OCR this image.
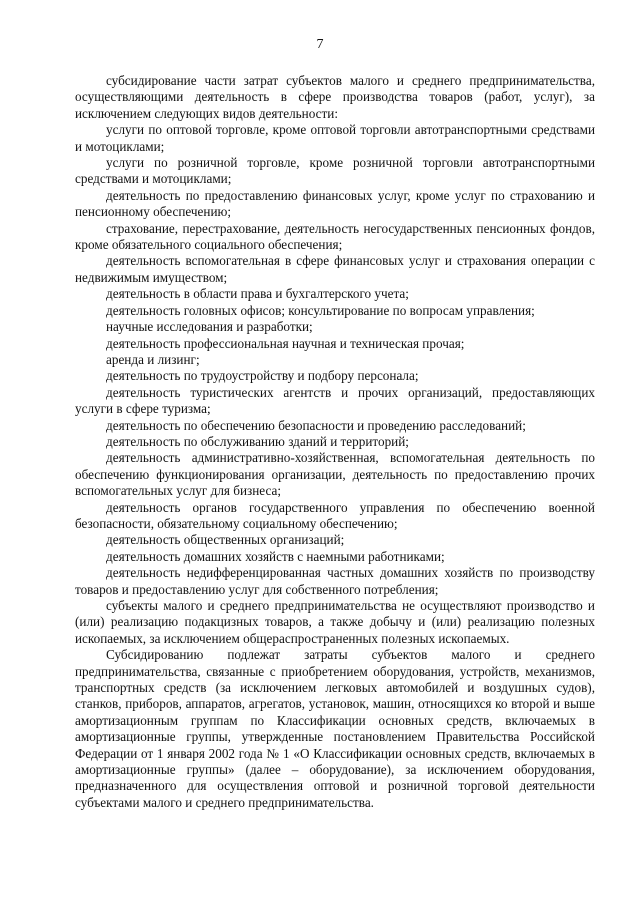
7

субсидирование части затрат субъектов малого и среднего предпринимательства, осуществляющими деятельность в сфере производства товаров (работ, услуг), за исключением следующих видов деятельности:

услуги по оптовой торговле, кроме оптовой торговли автотранспортными средствами и мотоциклами;

услуги по розничной торговле, кроме розничной торговли автотранспортными средствами и мотоциклами;

деятельность по предоставлению финансовых услуг, кроме услуг по страхованию и пенсионному обеспечению;

страхование, перестрахование, деятельность негосударственных пенсионных фондов, кроме обязательного социального обеспечения;

деятельность вспомогательная в сфере финансовых услуг и страхования операции с недвижимым имуществом;

деятельность в области права и бухгалтерского учета;

деятельность головных офисов; консультирование по вопросам управления;

научные исследования и разработки;

деятельность профессиональная научная и техническая прочая;

аренда и лизинг;

деятельность по трудоустройству и подбору персонала;

деятельность туристических агентств и прочих организаций, предоставляющих услуги в сфере туризма;

деятельность по обеспечению безопасности и проведению расследований;

деятельность по обслуживанию зданий и территорий;

деятельность административно-хозяйственная, вспомогательная деятельность по обеспечению функционирования организации, деятельность по предоставлению прочих вспомогательных услуг для бизнеса;

деятельность органов государственного управления по обеспечению военной безопасности, обязательному социальному обеспечению;

деятельность общественных организаций;

деятельность домашних хозяйств с наемными работниками;

деятельность недифференцированная частных домашних хозяйств по производству товаров и предоставлению услуг для собственного потребления;

субъекты малого и среднего предпринимательства не осуществляют производство и (или) реализацию подакцизных товаров, а также добычу и (или) реализацию полезных ископаемых, за исключением общераспространенных полезных ископаемых.

Субсидированию подлежат затраты субъектов малого и среднего предпринимательства, связанные с приобретением оборудования, устройств, механизмов, транспортных средств (за исключением легковых автомобилей и воздушных судов), станков, приборов, аппаратов, агрегатов, установок, машин, относящихся ко второй и выше амортизационным группам по Классификации основных средств, включаемых в амортизационные группы, утвержденные постановлением Правительства Российской Федерации от 1 января 2002 года № 1 «О Классификации основных средств, включаемых в амортизационные группы» (далее – оборудование), за исключением оборудования, предназначенного для осуществления оптовой и розничной торговой деятельности субъектами малого и среднего предпринимательства.
